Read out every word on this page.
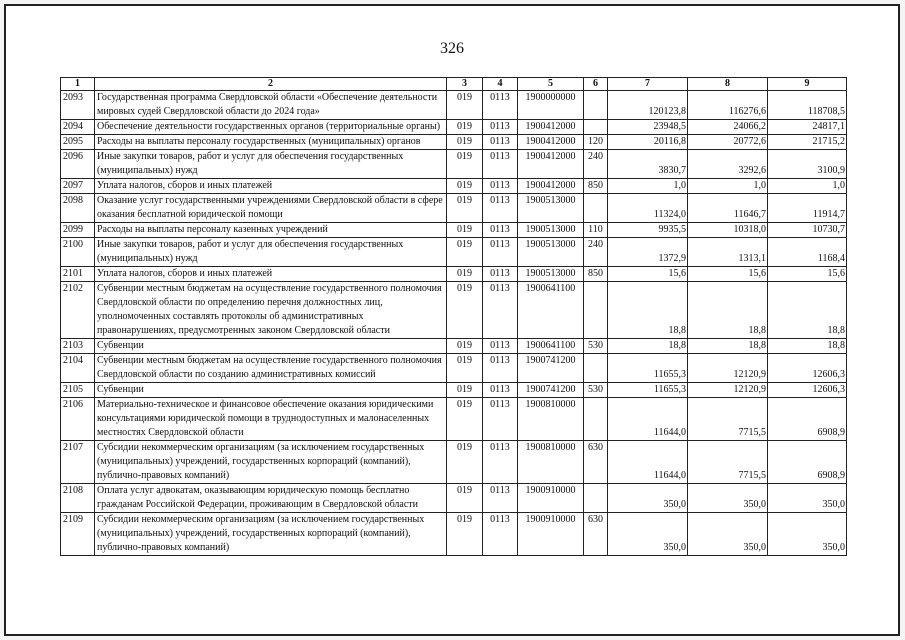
326
1	2	3	4	5	6	7	8	9
2093	Государственная программа Свердловской области «Обеспечение деятельности мировых судей Свердловской области до 2024 года»	019	0113	1900000000		120123,8	116276,6	118708,5
2094	Обеспечение деятельности государственных органов (территориальные органы)	019	0113	1900412000		23948,5	24066,2	24817,1
2095	Расходы на выплаты персоналу государственных (муниципальных) органов	019	0113	1900412000	120	20116,8	20772,6	21715,2
2096	Иные закупки товаров, работ и услуг для обеспечения государственных (муниципальных) нужд	019	0113	1900412000	240	3830,7	3292,6	3100,9
2097	Уплата налогов, сборов и иных платежей	019	0113	1900412000	850	1,0	1,0	1,0
2098	Оказание услуг государственными учреждениями Свердловской области в сфере оказания бесплатной юридической помощи	019	0113	1900513000		11324,0	11646,7	11914,7
2099	Расходы на выплаты персоналу казенных учреждений	019	0113	1900513000	110	9935,5	10318,0	10730,7
2100	Иные закупки товаров, работ и услуг для обеспечения государственных (муниципальных) нужд	019	0113	1900513000	240	1372,9	1313,1	1168,4
2101	Уплата налогов, сборов и иных платежей	019	0113	1900513000	850	15,6	15,6	15,6
2102	Субвенции местным бюджетам на осуществление государственного полномочия Свердловской области по определению перечня должностных лиц, уполномоченных составлять протоколы об административных правонарушениях, предусмотренных законом Свердловской области	019	0113	1900641100		18,8	18,8	18,8
2103	Субвенции	019	0113	1900641100	530	18,8	18,8	18,8
2104	Субвенции местным бюджетам на осуществление государственного полномочия Свердловской области по созданию административных комиссий	019	0113	1900741200		11655,3	12120,9	12606,3
2105	Субвенции	019	0113	1900741200	530	11655,3	12120,9	12606,3
2106	Материально-техническое и финансовое обеспечение оказания юридическими консультациями юридической помощи в труднодоступных и малонаселенных местностях Свердловской области	019	0113	1900810000		11644,0	7715,5	6908,9
2107	Субсидии некоммерческим организациям (за исключением государственных (муниципальных) учреждений, государственных корпораций (компаний), публично-правовых компаний)	019	0113	1900810000	630	11644,0	7715,5	6908,9
2108	Оплата услуг адвокатам, оказывающим юридическую помощь бесплатно гражданам Российской Федерации, проживающим в Свердловской области	019	0113	1900910000		350,0	350,0	350,0
2109	Субсидии некоммерческим организациям (за исключением государственных (муниципальных) учреждений, государственных корпораций (компаний), публично-правовых компаний)	019	0113	1900910000	630	350,0	350,0	350,0
